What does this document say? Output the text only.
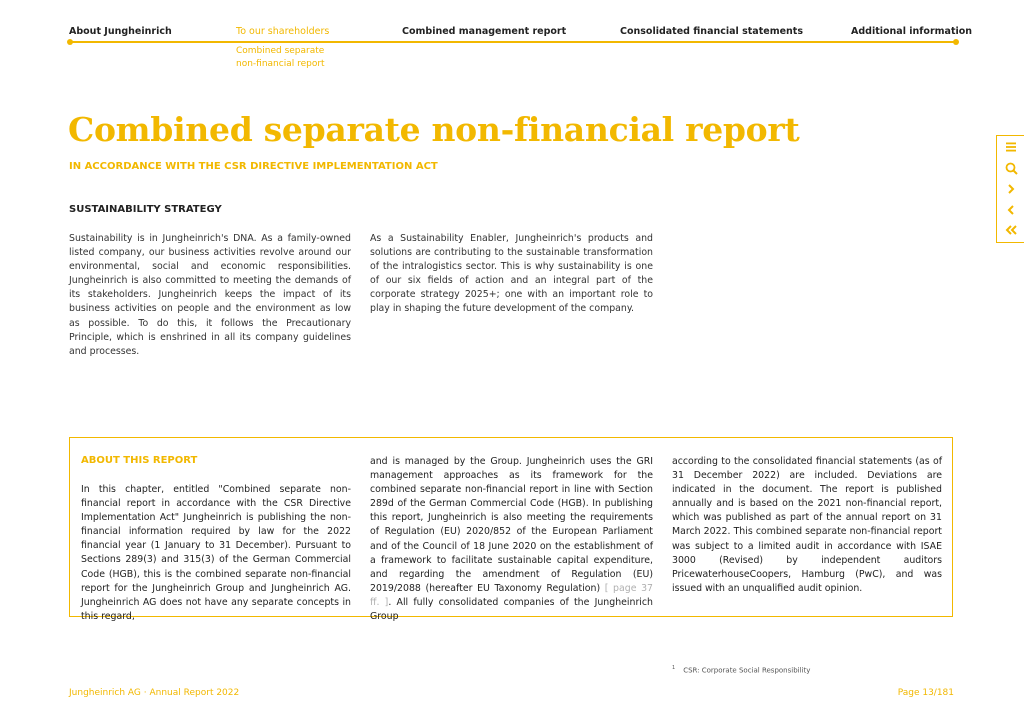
About Jungheinrich	To our shareholders	Combined management report	Consolidated financial statements	Additional information
Combined separate
non-financial report
Combined separate non-financial report
IN ACCORDANCE WITH THE CSR DIRECTIVE IMPLEMENTATION ACT
SUSTAINABILITY STRATEGY
Sustainability is in Jungheinrich's DNA. As a family-owned listed company, our business activities revolve around our environmental, social and economic responsibilities. Jungheinrich is also committed to meeting the demands of its stakeholders. Jungheinrich keeps the impact of its business activities on people and the environment as low as possible. To do this, it follows the Precautionary Principle, which is enshrined in all its company guidelines and processes.
As a Sustainability Enabler, Jungheinrich's products and solutions are contributing to the sustainable transformation of the intralogistics sector. This is why sustainability is one of our six fields of action and an integral part of the corporate strategy 2025+; one with an important role to play in shaping the future development of the company.
ABOUT THIS REPORT
In this chapter, entitled "Combined separate non-financial report in accordance with the CSR Directive Implementation Act" Jungheinrich is publishing the non-financial information required by law for the 2022 financial year (1 January to 31 December). Pursuant to Sections 289(3) and 315(3) of the German Commercial Code (HGB), this is the combined separate non-financial report for the Jungheinrich Group and Jungheinrich AG. Jungheinrich AG does not have any separate concepts in this regard,
and is managed by the Group. Jungheinrich uses the GRI management approaches as its framework for the combined separate non-financial report in line with Section 289d of the German Commercial Code (HGB). In publishing this report, Jungheinrich is also meeting the requirements of Regulation (EU) 2020/852 of the European Parliament and of the Council of 18 June 2020 on the establishment of a framework to facilitate sustainable capital expenditure, and regarding the amendment of Regulation (EU) 2019/2088 (hereafter EU Taxonomy Regulation) [ page 37 ff. ]. All fully consolidated companies of the Jungheinrich Group
according to the consolidated financial statements (as of 31 December 2022) are included. Deviations are indicated in the document. The report is published annually and is based on the 2021 non-financial report, which was published as part of the annual report on 31 March 2022. This combined separate non-financial report was subject to a limited audit in accordance with ISAE 3000 (Revised) by independent auditors PricewaterhouseCoopers, Hamburg (PwC), and was issued with an unqualified audit opinion.
$^1$ CSR: Corporate Social Responsibility
Jungheinrich AG · Annual Report 2022	Page 13/181
